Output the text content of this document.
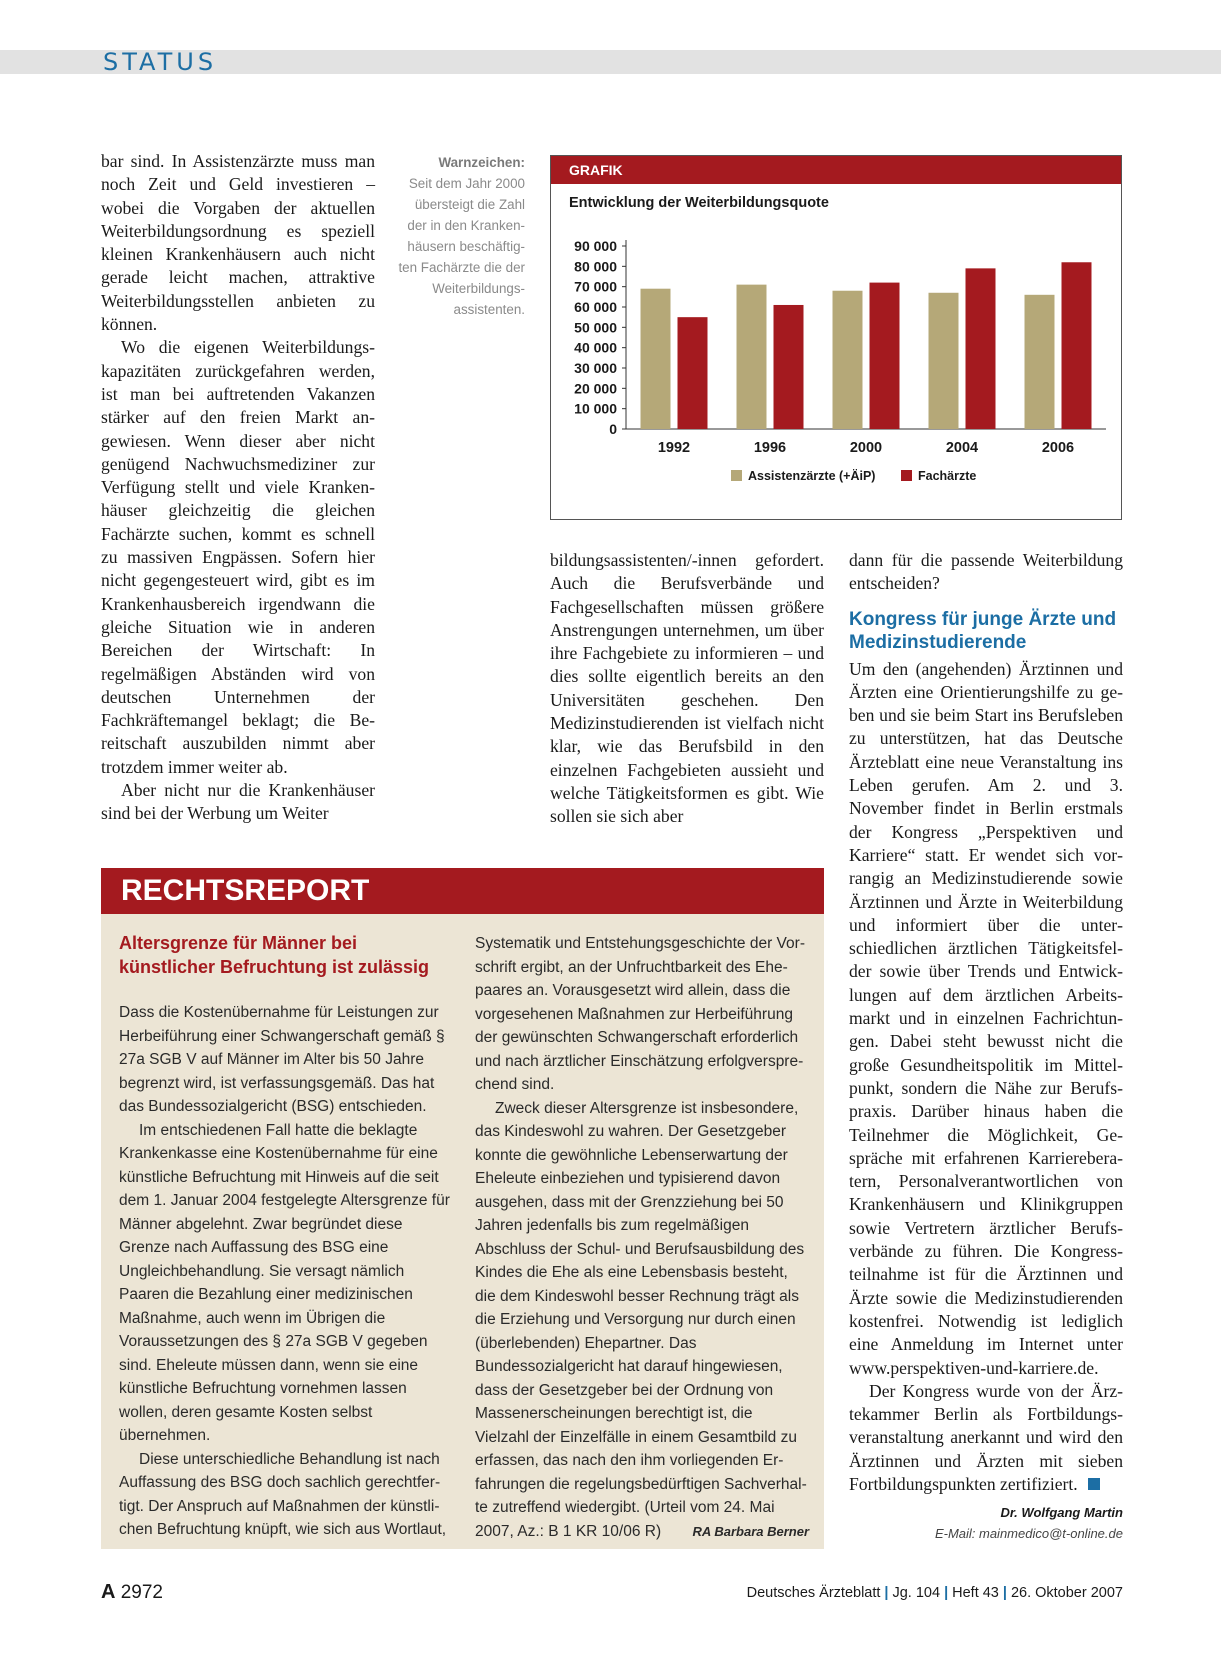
STATUS

bar sind. In Assistenzärzte muss man noch Zeit und Geld investieren – wobei die Vorgaben der aktuellen Weiterbildungsordnung es speziell kleinen Krankenhäusern auch nicht gerade leicht machen, attraktive Weiterbildungsstellen anbieten zu können.

Wo die eigenen Weiterbildungskapazitäten zurückgefahren werden, ist man bei auftretenden Vakanzen stärker auf den freien Markt angewiesen. Wenn dieser aber nicht genügend Nachwuchsmediziner zur Verfügung stellt und viele Krankenhäuser gleichzeitig die gleichen Fachärzte suchen, kommt es schnell zu massiven Engpässen. Sofern hier nicht gegengesteuert wird, gibt es im Krankenhausbereich irgendwann die gleiche Situation wie in anderen Bereichen der Wirtschaft: In regelmäßigen Abständen wird von deutschen Unternehmen der Fachkräftemangel beklagt; die Bereitschaft auszubilden nimmt aber trotzdem immer weiter ab.

Aber nicht nur die Krankenhäuser sind bei der Werbung um Weiter

Warnzeichen:
Seit dem Jahr 2000 übersteigt die Zahl der in den Krankenhäusern beschäftigten Fachärzte die der Weiterbildungsassistenten.
GRAFIK
Entwicklung der Weiterbildungsquote
0
10 000
20 000
30 000
40 000
50 000
60 000
70 000
80 000
90 000
1992	1996	2000	2004	2006
Assistenzärzte (+ÄiP)	Fachärzte

bildungsassistenten/-innen gefordert. Auch die Berufsverbände und Fachgesellschaften müssen größere Anstrengungen unternehmen, um über ihre Fachgebiete zu informieren – und dies sollte eigentlich bereits an den Universitäten geschehen. Den Medizinstudierenden ist vielfach nicht klar, wie das Berufsbild in den einzelnen Fachgebieten aussieht und welche Tätigkeitsformen es gibt. Wie sollen sie sich aber

dann für die passende Weiterbildung entscheiden?

Kongress für junge Ärzte und Medizinstudierende

Um den (angehenden) Ärztinnen und Ärzten eine Orientierungshilfe zu geben und sie beim Start ins Berufsleben zu unterstützen, hat das Deutsche Ärzteblatt eine neue Veranstaltung ins Leben gerufen. Am 2. und 3. November findet in Berlin erstmals der Kongress „Perspektiven und Karriere“ statt. Er wendet sich vorrangig an Medizinstudierende sowie Ärztinnen und Ärzte in Weiterbildung und informiert über die unterschiedlichen ärztlichen Tätigkeitsfelder sowie über Trends und Entwicklungen auf dem ärztlichen Arbeitsmarkt und in einzelnen Fachrichtungen. Dabei steht bewusst nicht die große Gesundheitspolitik im Mittelpunkt, sondern die Nähe zur Berufspraxis. Darüber hinaus haben die Teilnehmer die Möglichkeit, Gespräche mit erfahrenen Karriereberatern, Personalverantwortlichen von Krankenhäusern und Klinikgruppen sowie Vertretern ärztlicher Berufsverbände zu führen. Die Kongressteilnahme ist für die Ärztinnen und Ärzte sowie die Medizinstudierenden kostenfrei. Notwendig ist lediglich eine Anmeldung im Internet unter www.perspektiven-und-karriere.de.

Der Kongress wurde von der Ärztekammer Berlin als Fortbildungsveranstaltung anerkannt und wird den Ärztinnen und Ärzten mit sieben Fortbildungspunkten zertifiziert.

Dr. Wolfgang Martin
E-Mail: mainmedico@t-online.de
RECHTSREPORT
Altersgrenze für Männer bei künstlicher Befruchtung ist zulässig

Dass die Kostenübernahme für Leistungen zur Herbeiführung einer Schwangerschaft gemäß § 27a SGB V auf Männer im Alter bis 50 Jahre begrenzt wird, ist verfassungsgemäß. Das hat das Bundessozialgericht (BSG) entschieden.

Im entschiedenen Fall hatte die beklagte Krankenkasse eine Kostenübernahme für eine künstliche Befruchtung mit Hinweis auf die seit dem 1. Januar 2004 festgelegte Altersgrenze für Männer abgelehnt. Zwar begründet diese Grenze nach Auffassung des BSG eine Ungleichbehandlung. Sie versagt nämlich Paaren die Bezahlung einer medizinischen Maßnahme, auch wenn im Übrigen die Voraussetzungen des § 27a SGB V gegeben sind. Eheleute müssen dann, wenn sie eine künstliche Befruchtung vornehmen lassen wollen, deren gesamte Kosten selbst übernehmen.

Diese unterschiedliche Behandlung ist nach Auffassung des BSG doch sachlich gerechtfertigt. Der Anspruch auf Maßnahmen der künstlichen Befruchtung knüpft, wie sich aus Wortlaut,

Systematik und Entstehungsgeschichte der Vorschrift ergibt, an der Unfruchtbarkeit des Ehepaares an. Vorausgesetzt wird allein, dass die vorgesehenen Maßnahmen zur Herbeiführung der gewünschten Schwangerschaft erforderlich und nach ärztlicher Einschätzung erfolgversprechend sind.

Zweck dieser Altersgrenze ist insbesondere, das Kindeswohl zu wahren. Der Gesetzgeber konnte die gewöhnliche Lebenserwartung der Eheleute einbeziehen und typisierend davon ausgehen, dass mit der Grenzziehung bei 50 Jahren jedenfalls bis zum regelmäßigen Abschluss der Schul- und Berufsausbildung des Kindes die Ehe als eine Lebensbasis besteht, die dem Kindeswohl besser Rechnung trägt als die Erziehung und Versorgung nur durch einen (überlebenden) Ehepartner. Das Bundessozialgericht hat darauf hingewiesen, dass der Gesetzgeber bei der Ordnung von Massenerscheinungen berechtigt ist, die Vielzahl der Einzelfälle in einem Gesamtbild zu erfassen, das nach den ihm vorliegenden Erfahrungen die regelungsbedürftigen Sachverhalte zutreffend wiedergibt. (Urteil vom 24. Mai 2007, Az.: B 1 KR 10/06 R)	RA Barbara Berner

A 2972	Deutsches Ärzteblatt | Jg. 104 | Heft 43 | 26. Oktober 2007
